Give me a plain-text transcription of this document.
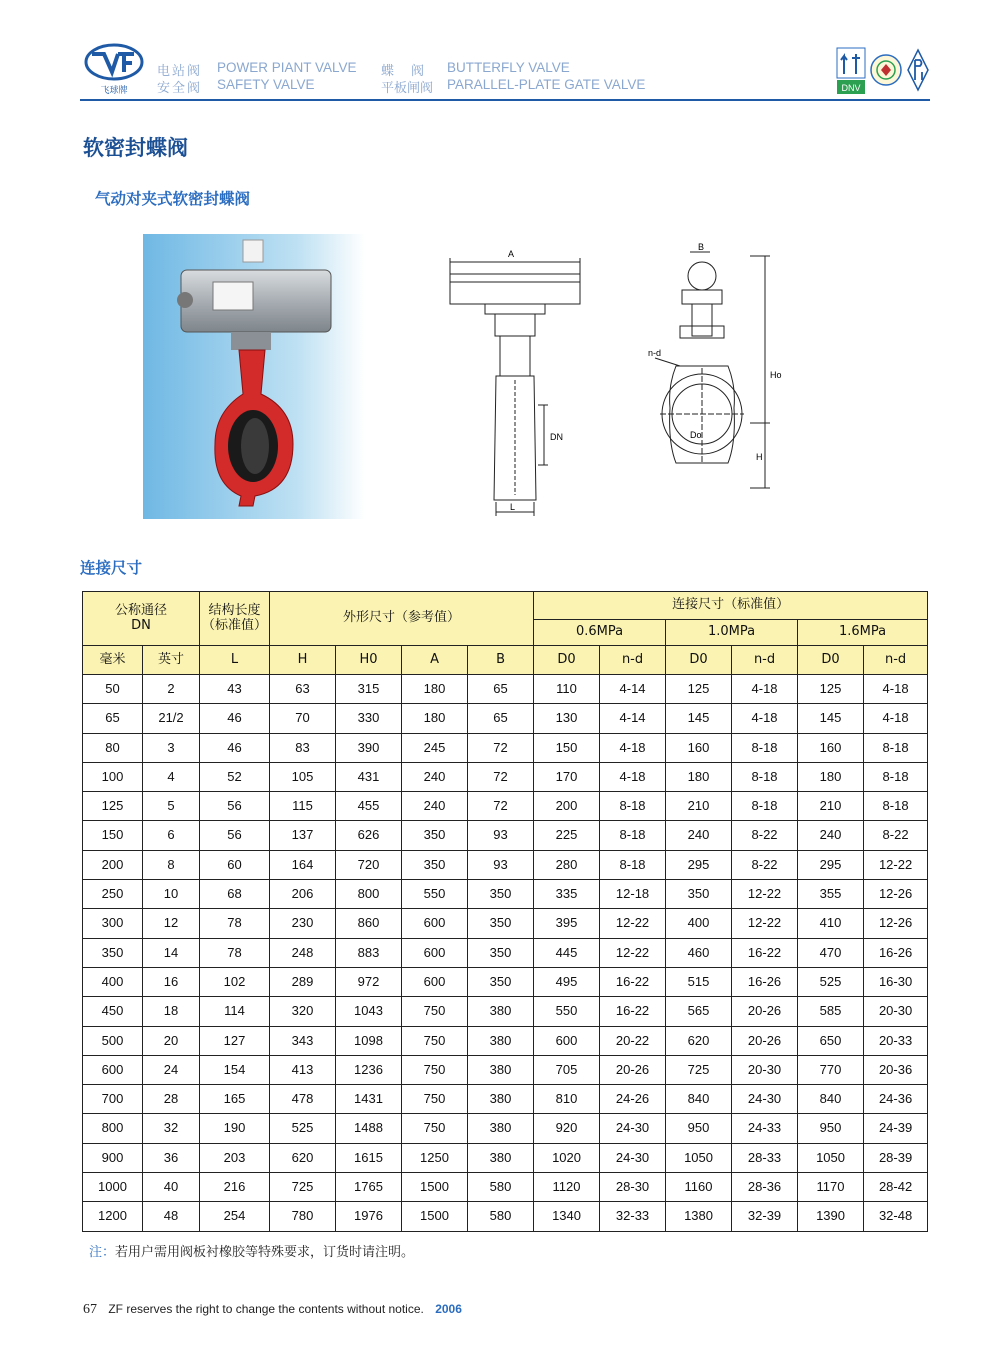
飞球牌
电站阀 POWER PIANT VALVE
安全阀 SAFETY VALVE
蝶　阀 BUTTERFLY VALVE
平板闸阀 PARALLEL-PLATE GATE VALVE	DNV
软密封蝶阀
气动对夹式软密封蝶阀
A
DN
L
B
n-d
Ho
H
Do
连接尺寸
公称通径
DN		结构长度
（标准值）	外形尺寸（参考值）				连接尺寸（标准值）					
							0.6MPa		1.0MPa		1.6MPa	
毫米	英寸	L	H	H0	A	B	D0	n-d	D0	n-d	D0	n-d
50	2	43	63	315	180	65	110	4-14	125	4-18	125	4-18
65	21/2	46	70	330	180	65	130	4-14	145	4-18	145	4-18
80	3	46	83	390	245	72	150	4-18	160	8-18	160	8-18
100	4	52	105	431	240	72	170	4-18	180	8-18	180	8-18
125	5	56	115	455	240	72	200	8-18	210	8-18	210	8-18
150	6	56	137	626	350	93	225	8-18	240	8-22	240	8-22
200	8	60	164	720	350	93	280	8-18	295	8-22	295	12-22
250	10	68	206	800	550	350	335	12-18	350	12-22	355	12-26
300	12	78	230	860	600	350	395	12-22	400	12-22	410	12-26
350	14	78	248	883	600	350	445	12-22	460	16-22	470	16-26
400	16	102	289	972	600	350	495	16-22	515	16-26	525	16-30
450	18	114	320	1043	750	380	550	16-22	565	20-26	585	20-30
500	20	127	343	1098	750	380	600	20-22	620	20-26	650	20-33
600	24	154	413	1236	750	380	705	20-26	725	20-30	770	20-36
700	28	165	478	1431	750	380	810	24-26	840	24-30	840	24-36
800	32	190	525	1488	750	380	920	24-30	950	24-33	950	24-39
900	36	203	620	1615	1250	380	1020	24-30	1050	28-33	1050	28-39
1000	40	216	725	1765	1500	580	1120	28-30	1160	28-36	1170	28-42
1200	48	254	780	1976	1500	580	1340	32-33	1380	32-39	1390	32-48
注：若用户需用阀板衬橡胶等特殊要求，订货时请注明。
67 ZF reserves the right to change the contents without notice. 2006
